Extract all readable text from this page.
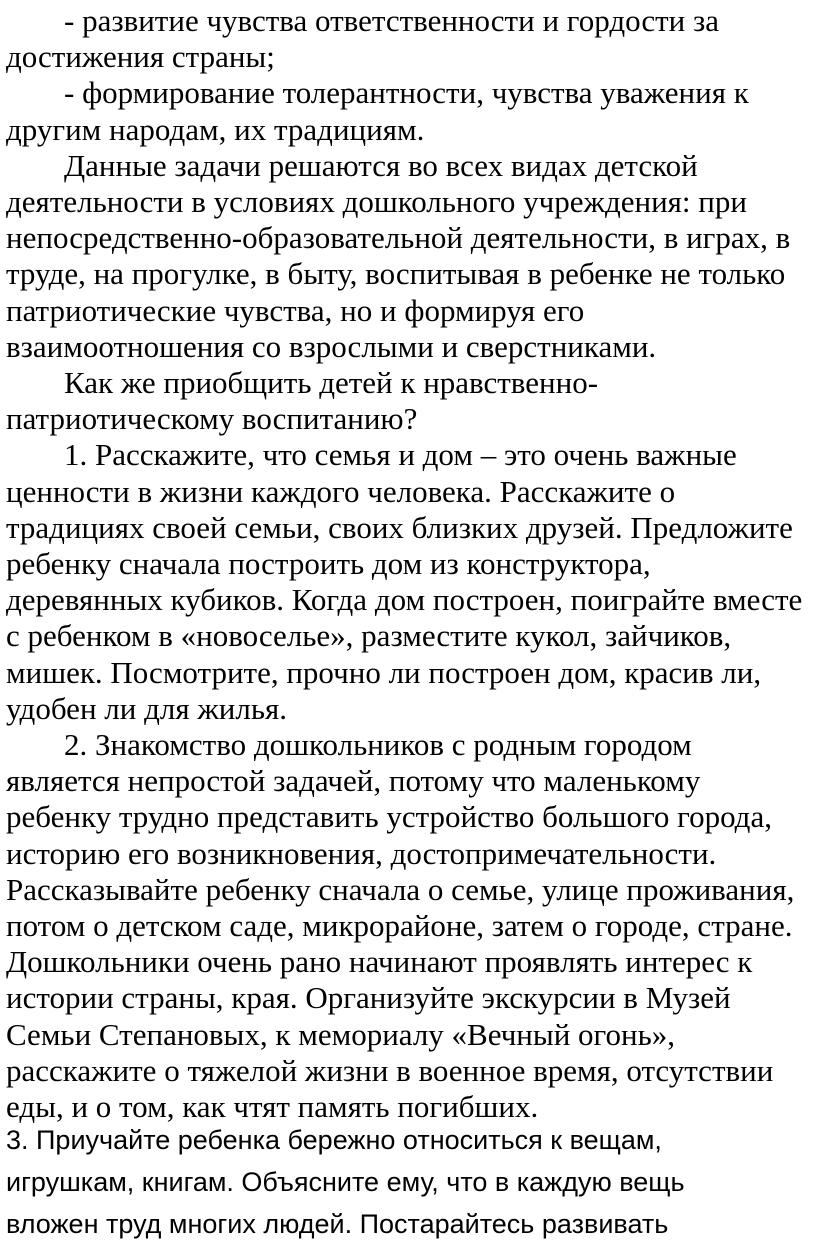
- развитие чувства ответственности и гордости за

достижения страны;

- формирование толерантности, чувства уважения к

другим народам, их традициям.

Данные задачи решаются во всех видах детской

деятельности в условиях дошкольного учреждения: при

непосредственно-образовательной деятельности, в играх, в

труде, на прогулке, в быту, воспитывая в ребенке не только

патриотические чувства, но и формируя его

взаимоотношения со взрослыми и сверстниками.

Как же приобщить детей к нравственно-

патриотическому воспитанию?

1. Расскажите, что семья и дом – это очень важные

ценности в жизни каждого человека. Расскажите о

традициях своей семьи, своих близких друзей. Предложите

ребенку сначала построить дом из конструктора,

деревянных кубиков. Когда дом построен, поиграйте вместе

с ребенком в «новоселье», разместите кукол, зайчиков,

мишек. Посмотрите, прочно ли построен дом, красив ли,

удобен ли для жилья.

2. Знакомство дошкольников с родным городом

является непростой задачей, потому что маленькому

ребенку трудно представить устройство большого города,

историю его возникновения, достопримечательности.

Рассказывайте ребенку сначала о семье, улице проживания,

потом о детском саде, микрорайоне, затем о городе, стране.

Дошкольники очень рано начинают проявлять интерес к

истории страны, края. Организуйте экскурсии в Музей

Семьи Степановых, к мемориалу «Вечный огонь»,

расскажите о тяжелой жизни в военное время, отсутствии

еды, и о том, как чтят память погибших.

3. Приучайте ребенка бережно относиться к вещам,

игрушкам, книгам. Объясните ему, что в каждую вещь

вложен труд многих людей. Постарайтесь развивать
